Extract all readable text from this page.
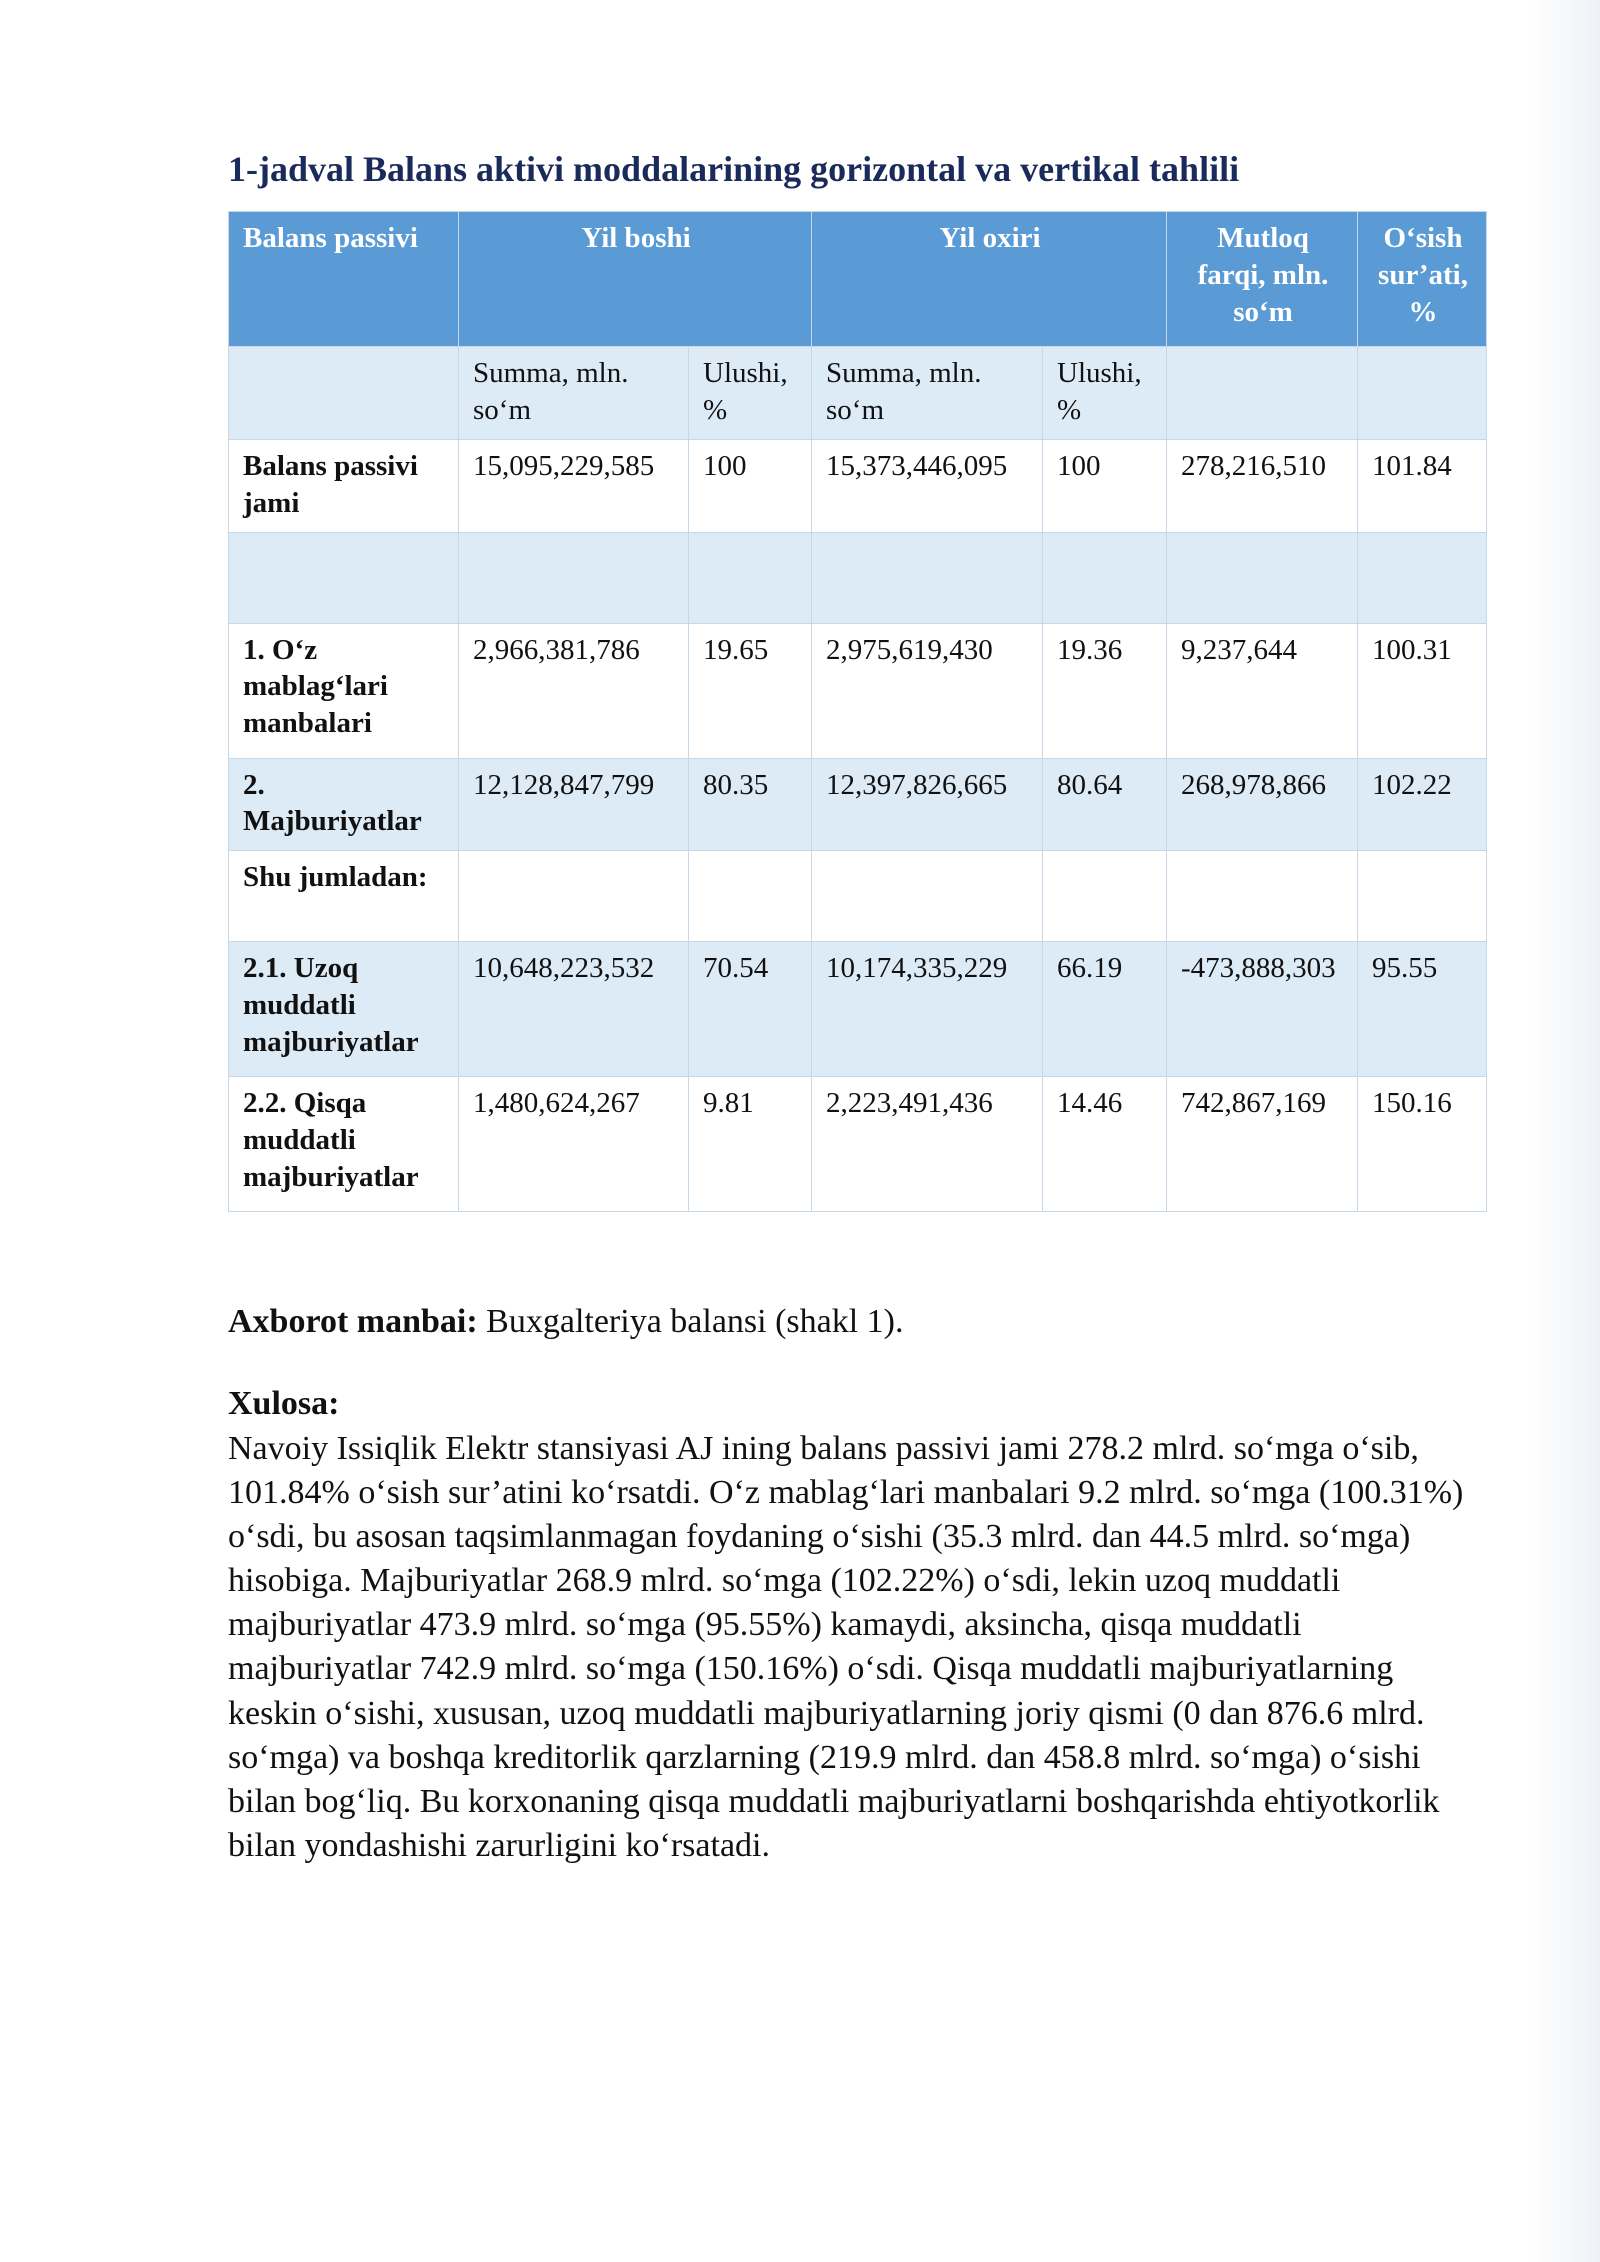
1-jadval Balans aktivi moddalarining gorizontal va vertikal tahlili
Balans passivi	Yil boshi		Yil oxiri		Mutloq farqi, mln. so‘m	O‘sish sur’ati, %
	Summa, mln. so‘m	Ulushi, %	Summa, mln. so‘m	Ulushi, %		
Balans passivi jami	15,095,229,585	100	15,373,446,095	100	278,216,510	101.84

1. O‘z mablag‘lari manbalari	2,966,381,786	19.65	2,975,619,430	19.36	9,237,644	100.31
2. Majburiyatlar	12,128,847,799	80.35	12,397,826,665	80.64	268,978,866	102.22
Shu jumladan:						
2.1. Uzoq muddatli majburiyatlar	10,648,223,532	70.54	10,174,335,229	66.19	-473,888,303	95.55
2.2. Qisqa muddatli majburiyatlar	1,480,624,267	9.81	2,223,491,436	14.46	742,867,169	150.16

Axborot manbai: Buxgalteriya balansi (shakl 1).

Xulosa:

Navoiy Issiqlik Elektr stansiyasi AJ ining balans passivi jami 278.2 mlrd. so‘mga o‘sib, 101.84% o‘sish sur’atini ko‘rsatdi. O‘z mablag‘lari manbalari 9.2 mlrd. so‘mga (100.31%) o‘sdi, bu asosan taqsimlanmagan foydaning o‘sishi (35.3 mlrd. dan 44.5 mlrd. so‘mga) hisobiga. Majburiyatlar 268.9 mlrd. so‘mga (102.22%) o‘sdi, lekin uzoq muddatli majburiyatlar 473.9 mlrd. so‘mga (95.55%) kamaydi, aksincha, qisqa muddatli majburiyatlar 742.9 mlrd. so‘mga (150.16%) o‘sdi. Qisqa muddatli majburiyatlarning keskin o‘sishi, xususan, uzoq muddatli majburiyatlarning joriy qismi (0 dan 876.6 mlrd. so‘mga) va boshqa kreditorlik qarzlarning (219.9 mlrd. dan 458.8 mlrd. so‘mga) o‘sishi bilan bog‘liq. Bu korxonaning qisqa muddatli majburiyatlarni boshqarishda ehtiyotkorlik bilan yondashishi zarurligini ko‘rsatadi.
